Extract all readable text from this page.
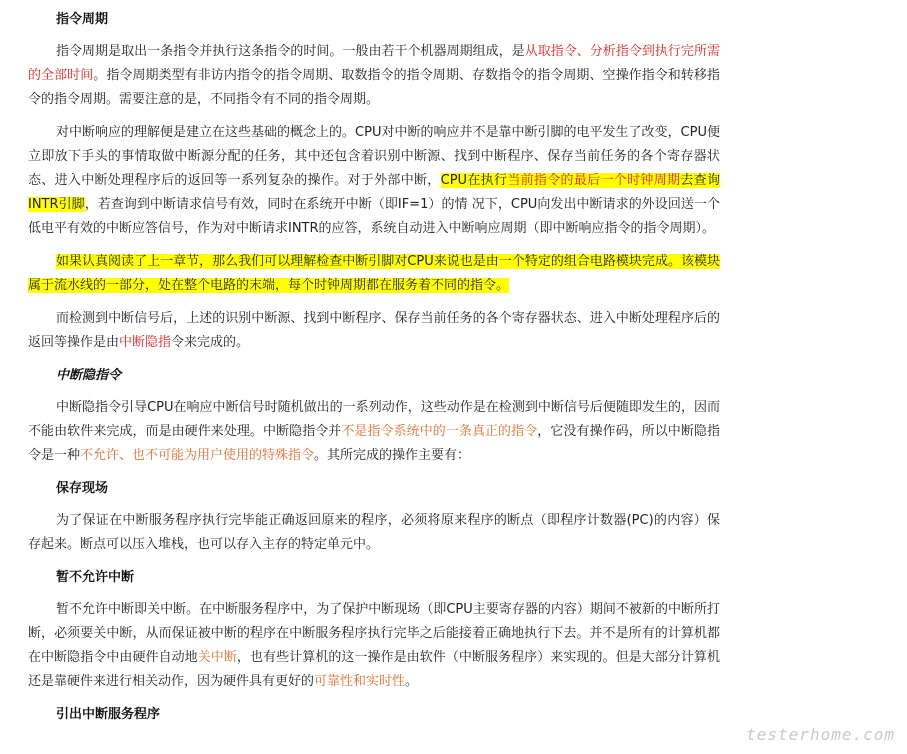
指令周期

指令周期是取出一条指令并执行这条指令的时间。一般由若干个机器周期组成，是从取指令、分析指令到执行完所需的全部时间。指令周期类型有非访内指令的指令周期、取数指令的指令周期、存数指令的指令周期、空操作指令和转移指令的指令周期。需要注意的是，不同指令有不同的指令周期。

对中断响应的理解便是建立在这些基础的概念上的。CPU对中断的响应并不是靠中断引脚的电平发生了改变，CPU便立即放下手头的事情取做中断源分配的任务，其中还包含着识别中断源、找到中断程序、保存当前任务的各个寄存器状态、进入中断处理程序后的返回等一系列复杂的操作。对于外部中断，CPU在执行当前指令的最后一个时钟周期去查询INTR引脚，若查询到中断请求信号有效，同时在系统开中断（即IF=1）的情 况下，CPU向发出中断请求的外设回送一个低电平有效的中断应答信号，作为对中断请求INTR的应答，系统自动进入中断响应周期（即中断响应指令的指令周期）。

如果认真阅读了上一章节，那么我们可以理解检查中断引脚对CPU来说也是由一个特定的组合电路模块完成。该模块属于流水线的一部分，处在整个电路的末端，每个时钟周期都在服务着不同的指令。

而检测到中断信号后，上述的识别中断源、找到中断程序、保存当前任务的各个寄存器状态、进入中断处理程序后的返回等操作是由中断隐指令来完成的。

中断隐指令

中断隐指令引导CPU在响应中断信号时随机做出的一系列动作，这些动作是在检测到中断信号后便随即发生的，因而不能由软件来完成，而是由硬件来处理。中断隐指令并不是指令系统中的一条真正的指令，它没有操作码，所以中断隐指令是一种不允许、也不可能为用户使用的特殊指令。其所完成的操作主要有：

保存现场

为了保证在中断服务程序执行完毕能正确返回原来的程序，必须将原来程序的断点（即程序计数器(PC)的内容）保存起来。断点可以压入堆栈，也可以存入主存的特定单元中。

暂不允许中断

暂不允许中断即关中断。在中断服务程序中，为了保护中断现场（即CPU主要寄存器的内容）期间不被新的中断所打断，必须要关中断，从而保证被中断的程序在中断服务程序执行完毕之后能接着正确地执行下去。并不是所有的计算机都在中断隐指令中由硬件自动地关中断，也有些计算机的这一操作是由软件（中断服务程序）来实现的。但是大部分计算机还是靠硬件来进行相关动作，因为硬件具有更好的可靠性和实时性。

引出中断服务程序
testerhome.com
